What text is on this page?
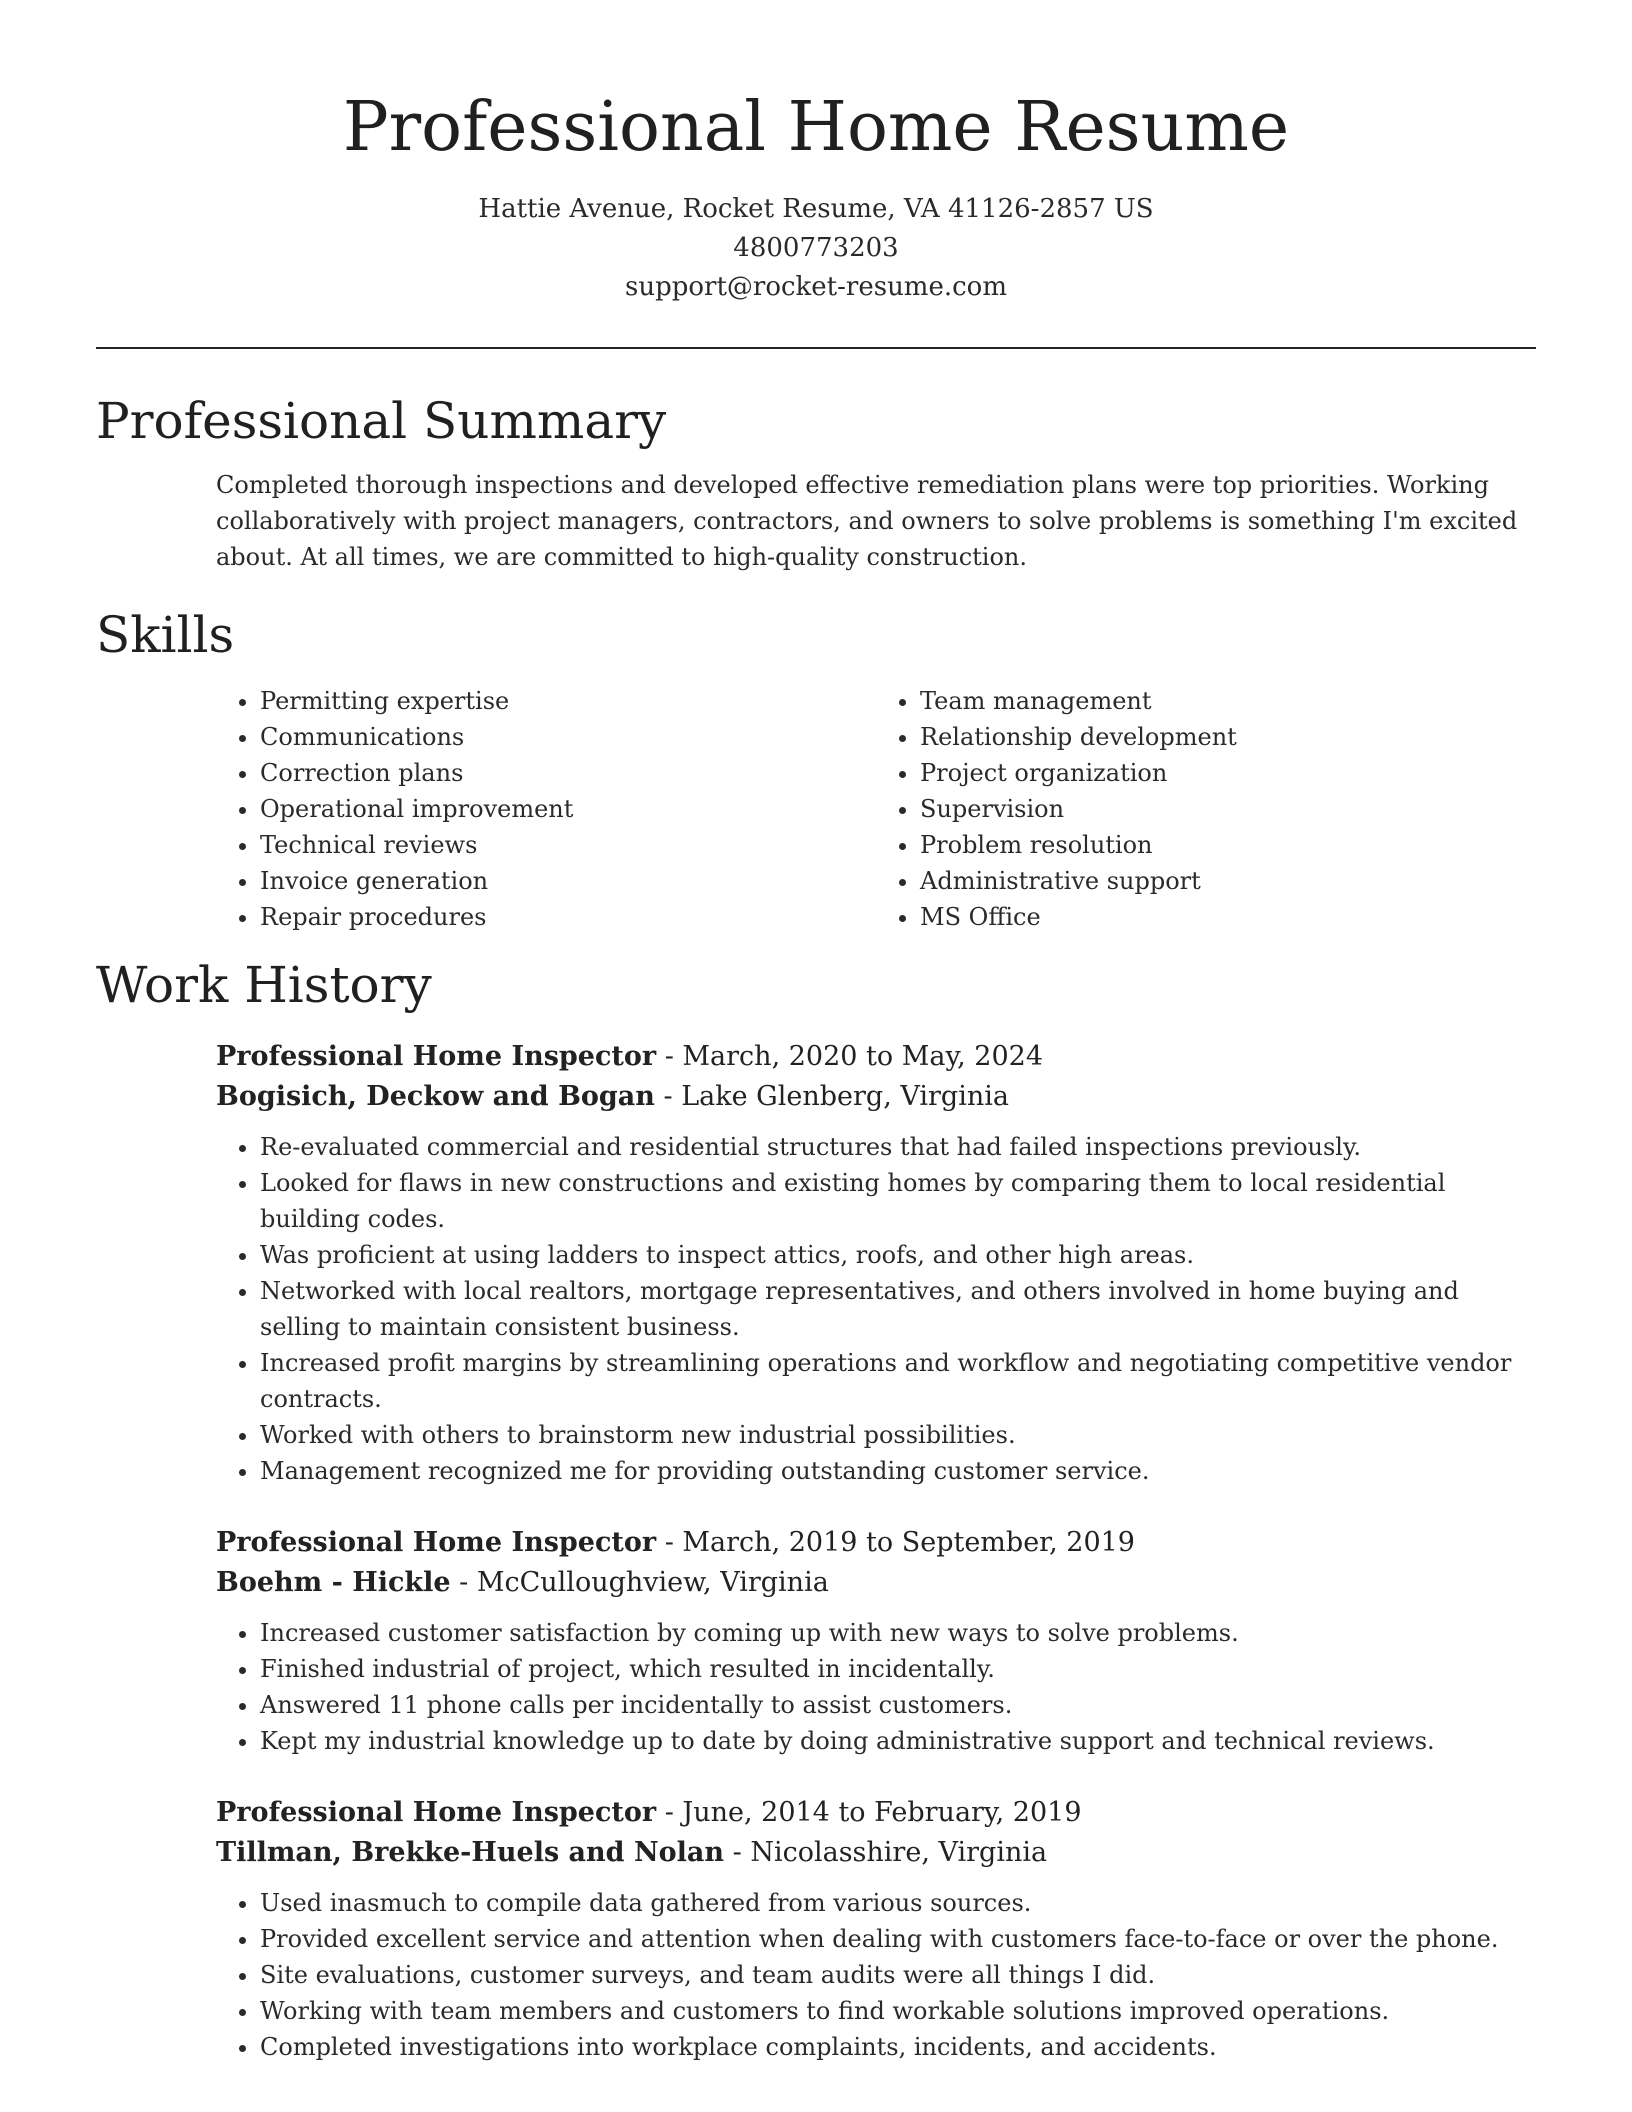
Professional Home Resume
Hattie Avenue, Rocket Resume, VA 41126-2857 US
4800773203
support@rocket-resume.com
Professional Summary

Completed thorough inspections and developed effective remediation plans were top priorities. Working collaboratively with project managers, contractors, and owners to solve problems is something I'm excited about. At all times, we are committed to high-quality construction.

Skills
• Permitting expertise
• Communications
• Correction plans
• Operational improvement
• Technical reviews
• Invoice generation
• Repair procedures
• Team management
• Relationship development
• Project organization
• Supervision
• Problem resolution
• Administrative support
• MS Office
Work History
Professional Home Inspector - March, 2020 to May, 2024
Bogisich, Deckow and Bogan - Lake Glenberg, Virginia
• Re-evaluated commercial and residential structures that had failed inspections previously.
• Looked for flaws in new constructions and existing homes by comparing them to local residential building codes.
• Was proficient at using ladders to inspect attics, roofs, and other high areas.
• Networked with local realtors, mortgage representatives, and others involved in home buying and selling to maintain consistent business.
• Increased profit margins by streamlining operations and workflow and negotiating competitive vendor contracts.
• Worked with others to brainstorm new industrial possibilities.
• Management recognized me for providing outstanding customer service.
Professional Home Inspector - March, 2019 to September, 2019
Boehm - Hickle - McCulloughview, Virginia
• Increased customer satisfaction by coming up with new ways to solve problems.
• Finished industrial of project, which resulted in incidentally.
• Answered 11 phone calls per incidentally to assist customers.
• Kept my industrial knowledge up to date by doing administrative support and technical reviews.
Professional Home Inspector - June, 2014 to February, 2019
Tillman, Brekke-Huels and Nolan - Nicolasshire, Virginia
• Used inasmuch to compile data gathered from various sources.
• Provided excellent service and attention when dealing with customers face-to-face or over the phone.
• Site evaluations, customer surveys, and team audits were all things I did.
• Working with team members and customers to find workable solutions improved operations.
• Completed investigations into workplace complaints, incidents, and accidents.
